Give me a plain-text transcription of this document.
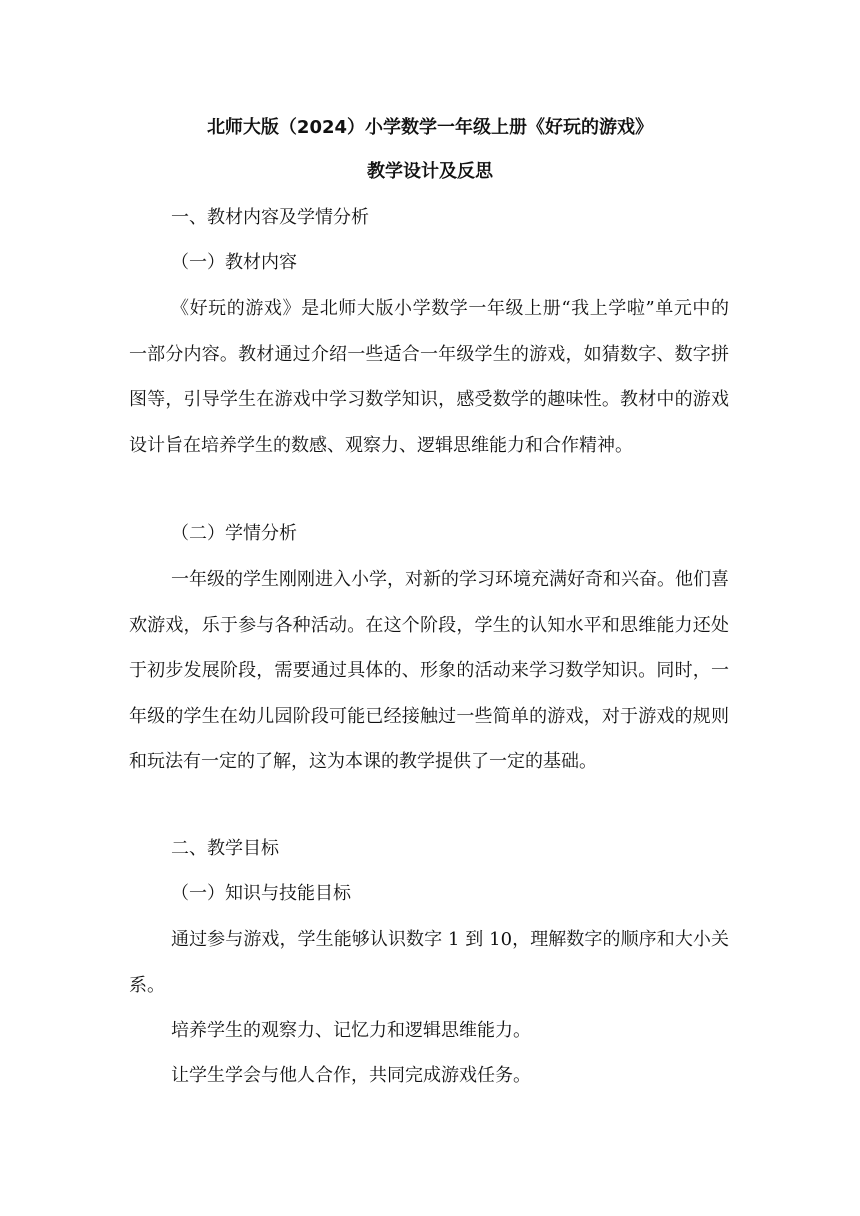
北师大版（2024）小学数学一年级上册《好玩的游戏》
教学设计及反思
一、教材内容及学情分析
（一）教材内容
《好玩的游戏》是北师大版小学数学一年级上册“我上学啦”单元中的一部分内容。教材通过介绍一些适合一年级学生的游戏，如猜数字、数字拼图等，引导学生在游戏中学习数学知识，感受数学的趣味性。教材中的游戏设计旨在培养学生的数感、观察力、逻辑思维能力和合作精神。
（二）学情分析
一年级的学生刚刚进入小学，对新的学习环境充满好奇和兴奋。他们喜欢游戏，乐于参与各种活动。在这个阶段，学生的认知水平和思维能力还处于初步发展阶段，需要通过具体的、形象的活动来学习数学知识。同时，一年级的学生在幼儿园阶段可能已经接触过一些简单的游戏，对于游戏的规则和玩法有一定的了解，这为本课的教学提供了一定的基础。
二、教学目标
（一）知识与技能目标
通过参与游戏，学生能够认识数字 1 到 10，理解数字的顺序和大小关系。
培养学生的观察力、记忆力和逻辑思维能力。
让学生学会与他人合作，共同完成游戏任务。
